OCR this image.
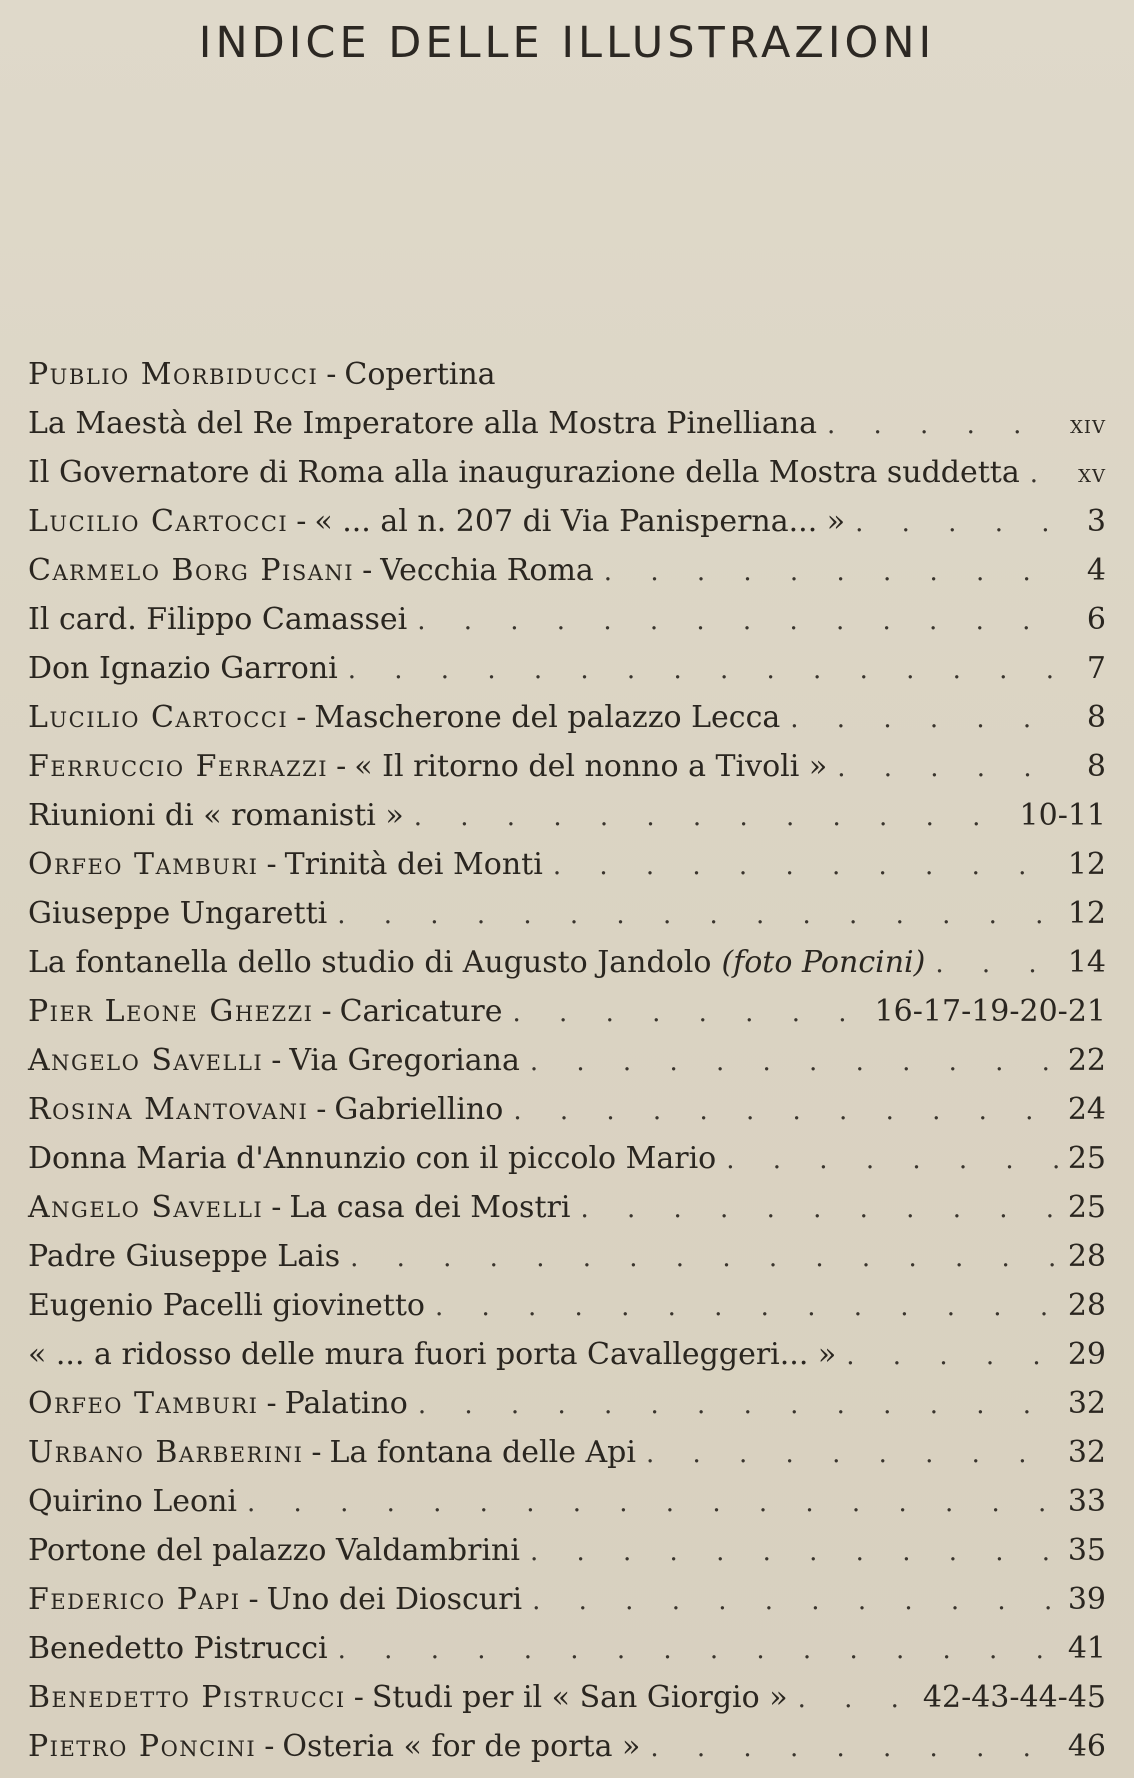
INDICE DELLE ILLUSTRAZIONI
Publio Morbiducci - Copertina
La Maestà del Re Imperatore alla Mostra Pinelliana . . .	xiv
Il Governatore di Roma alla inaugurazione della Mostra suddetta . . . xv
Lucilio Cartocci - « ... al n. 207 di Via Panisperna... » . . .	3
Carmelo Borg Pisani - Vecchia Roma . . .	4
Il card. Filippo Camassei . . .	6
Don Ignazio Garroni . . .	7
Lucilio Cartocci - Mascherone del palazzo Lecca . . .	8
Ferruccio Ferrazzi - « Il ritorno del nonno a Tivoli » . . .	8
Riunioni di « romanisti » . . .	10-11
Orfeo Tamburi - Trinità dei Monti . . .	12
Giuseppe Ungaretti . . .	12
La fontanella dello studio di Augusto Jandolo (foto Poncini) . . .	14
Pier Leone Ghezzi - Caricature . . .	16-17-19-20-21
Angelo Savelli - Via Gregoriana . . .	22
Rosina Mantovani - Gabriellino . . .	24
Donna Maria d'Annunzio con il piccolo Mario . . .	25
Angelo Savelli - La casa dei Mostri . . .	25
Padre Giuseppe Lais . . .	28
Eugenio Pacelli giovinetto . . .	28
« ... a ridosso delle mura fuori porta Cavalleggeri... » . . .	29
Orfeo Tamburi - Palatino . . .	32
Urbano Barberini - La fontana delle Api . . .	32
Quirino Leoni . . .	33
Portone del palazzo Valdambrini . . .	35
Federico Papi - Uno dei Dioscuri . . .	39
Benedetto Pistrucci . . .	41
Benedetto Pistrucci - Studi per il « San Giorgio » . . .	42-43-44-45
Pietro Poncini - Osteria « for de porta » . . .	46
